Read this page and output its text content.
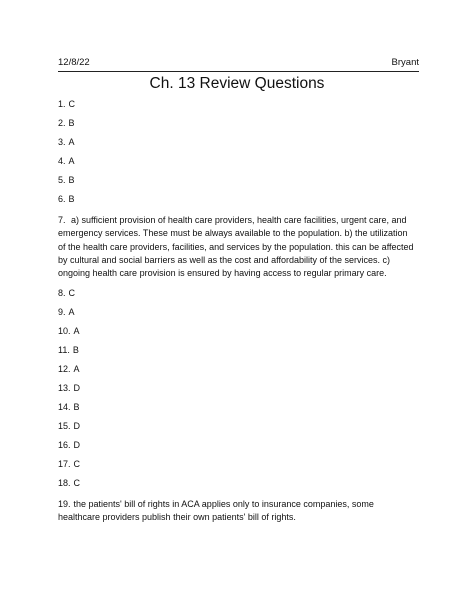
12/8/22	Bryant
Ch. 13 Review Questions

1. C

2. B

3. A

4. A

5. B

6. B

7. a) sufficient provision of health care providers, health care facilities, urgent care, and emergency services. These must be always available to the population. b) the utilization of the health care providers, facilities, and services by the population. this can be affected by cultural and social barriers as well as the cost and affordability of the services. c) ongoing health care provision is ensured by having access to regular primary care.

8. C

9. A

10. A

11. B

12. A

13. D

14. B

15. D

16. D

17. C

18. C

19. the patients' bill of rights in ACA applies only to insurance companies, some healthcare providers publish their own patients' bill of rights.
